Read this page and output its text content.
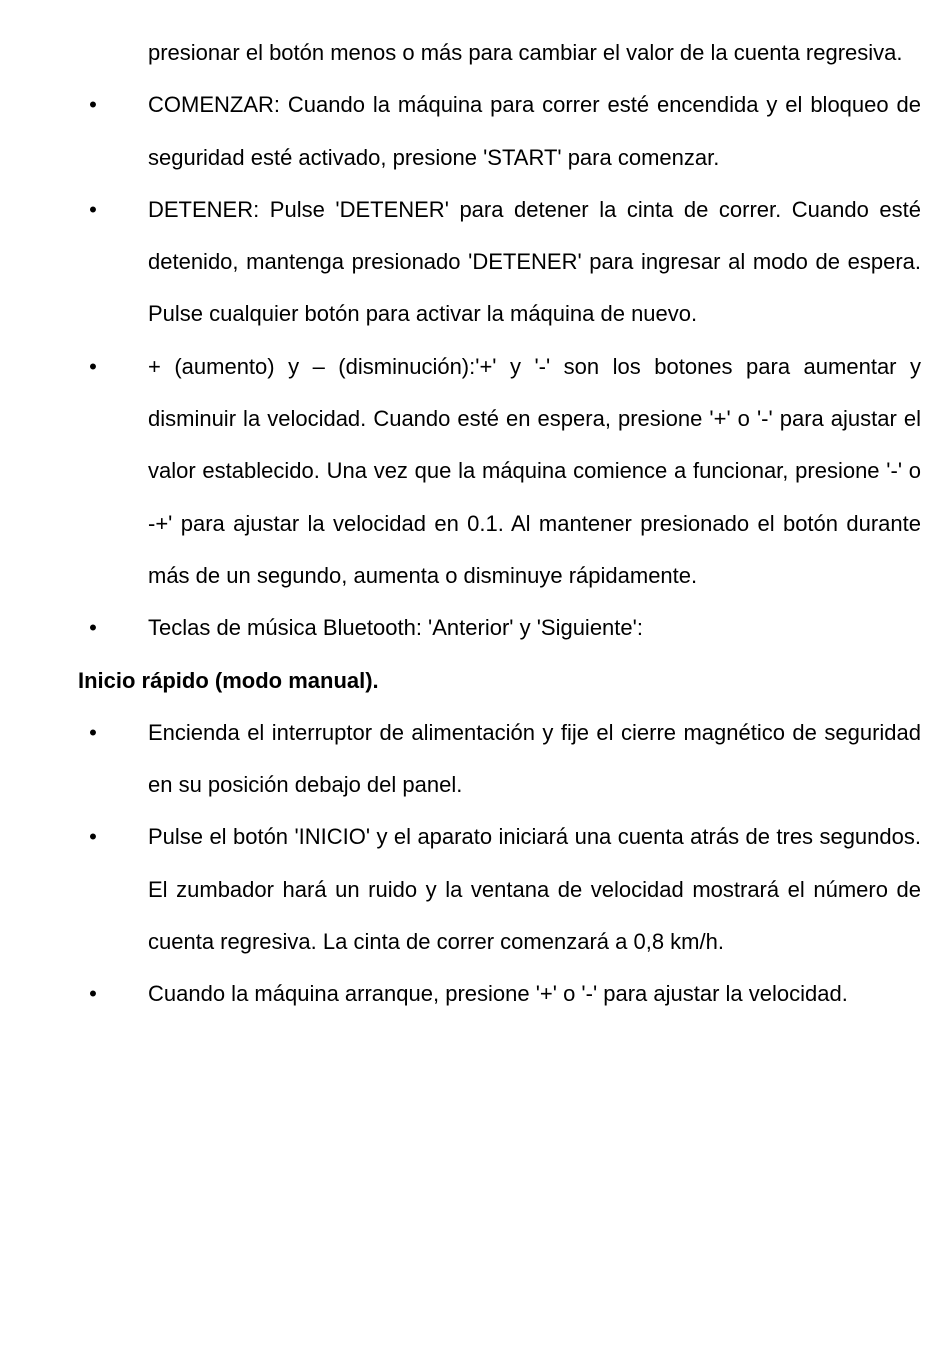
presionar el botón menos o más para cambiar el valor de la cuenta regresiva.
• COMENZAR: Cuando la máquina para correr esté encendida y el bloqueo de seguridad esté activado, presione 'START' para comenzar.
• DETENER: Pulse 'DETENER' para detener la cinta de correr. Cuando esté detenido, mantenga presionado 'DETENER' para ingresar al modo de espera. Pulse cualquier botón para activar la máquina de nuevo.
• + (aumento) y – (disminución):'+' y '-' son los botones para aumentar y disminuir la velocidad. Cuando esté en espera, presione '+' o '-' para ajustar el valor establecido. Una vez que la máquina comience a funcionar, presione '-' o -+' para ajustar la velocidad en 0.1. Al mantener presionado el botón durante más de un segundo, aumenta o disminuye rápidamente.
• Teclas de música Bluetooth: 'Anterior' y 'Siguiente':
Inicio rápido (modo manual).
• Encienda el interruptor de alimentación y fije el cierre magnético de seguridad en su posición debajo del panel.
• Pulse el botón 'INICIO' y el aparato iniciará una cuenta atrás de tres segundos. El zumbador hará un ruido y la ventana de velocidad mostrará el número de cuenta regresiva. La cinta de correr comenzará a 0,8 km/h.
• Cuando la máquina arranque, presione '+' o '-' para ajustar la velocidad.
